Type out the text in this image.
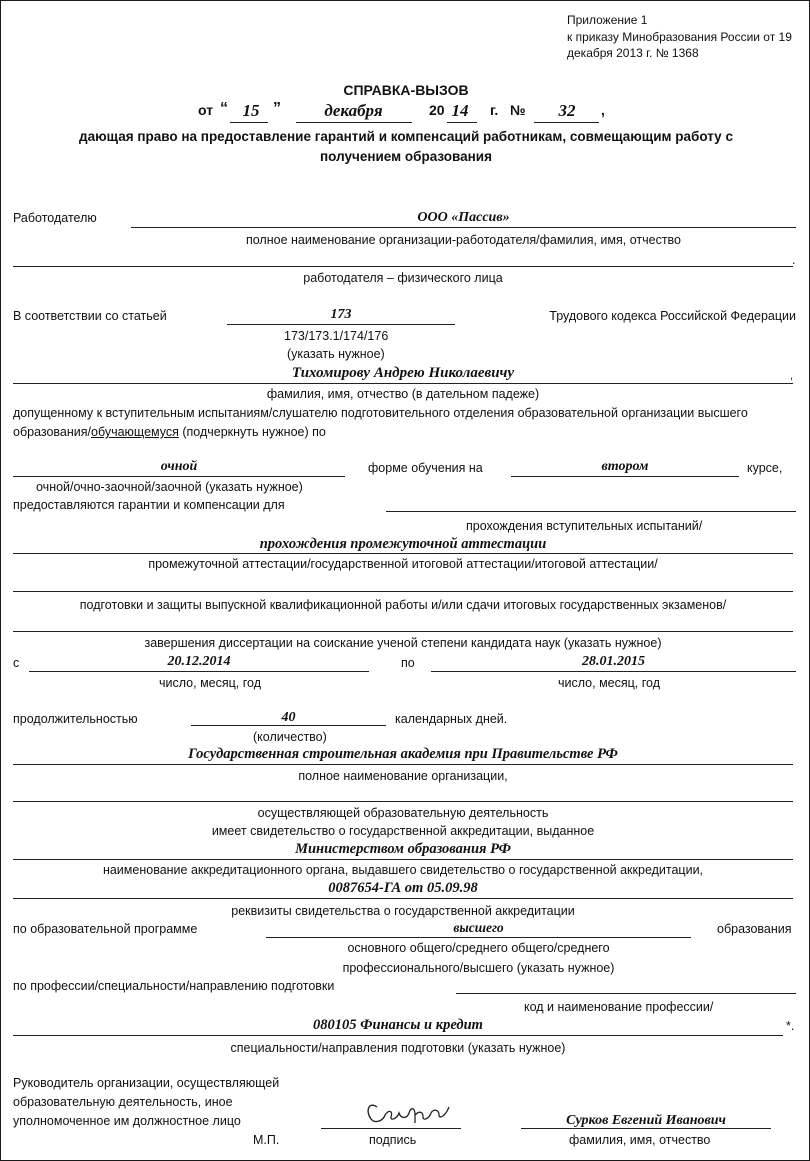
Приложение 1
к приказу Минобразования России от 19
декабря 2013 г. № 1368
СПРАВКА-ВЫЗОВ
от “ 15 ”	декабря	20 14	г. №	32	,
дающая право на предоставление гарантий и компенсаций работникам, совмещающим работу с
получением образования
Работодателю	ООО «Пассив»
полное наименование организации-работодателя/фамилия, имя, отчество
.
работодателя – физического лица
В соответствии со статьей	173	Трудового кодекса Российской Федерации
173/173.1/174/176
(указать нужное)
Тихомирову Андрею Николаевичу	,
фамилия, имя, отчество (в дательном падеже)
допущенному к вступительным испытаниям/слушателю подготовительного отделения образовательной организации высшего
образования/обучающемуся (подчеркнуть нужное) по
очной	форме обучения на	втором	курсе,
очной/очно-заочной/заочной (указать нужное)
предоставляются гарантии и компенсации для
прохождения вступительных испытаний/
прохождения промежуточной аттестации
промежуточной аттестации/государственной итоговой аттестации/итоговой аттестации/
подготовки и защиты выпускной квалификационной работы и/или сдачи итоговых государственных экзаменов/
завершения диссертации на соискание ученой степени кандидата наук (указать нужное)
с	20.12.2014	по	28.01.2015
число, месяц, год	число, месяц, год
продолжительностью	40	календарных дней.
(количество)
Государственная строительная академия при Правительстве РФ
полное наименование организации,
осуществляющей образовательную деятельность
имеет свидетельство о государственной аккредитации, выданное
Министерством образования РФ
наименование аккредитационного органа, выдавшего свидетельство о государственной аккредитации,
0087654-ГА от 05.09.98
реквизиты свидетельства о государственной аккредитации
по образовательной программе	высшего	образования
основного общего/среднего общего/среднего
профессионального/высшего (указать нужное)
по профессии/специальности/направлению подготовки
код и наименование профессии/
080105 Финансы и кредит	*.
специальности/направления подготовки (указать нужное)
Руководитель организации, осуществляющей
образовательную деятельность, иное
уполномоченное им должностное лицо	Сурков Евгений Иванович
М.П.	подпись	фамилия, имя, отчество
